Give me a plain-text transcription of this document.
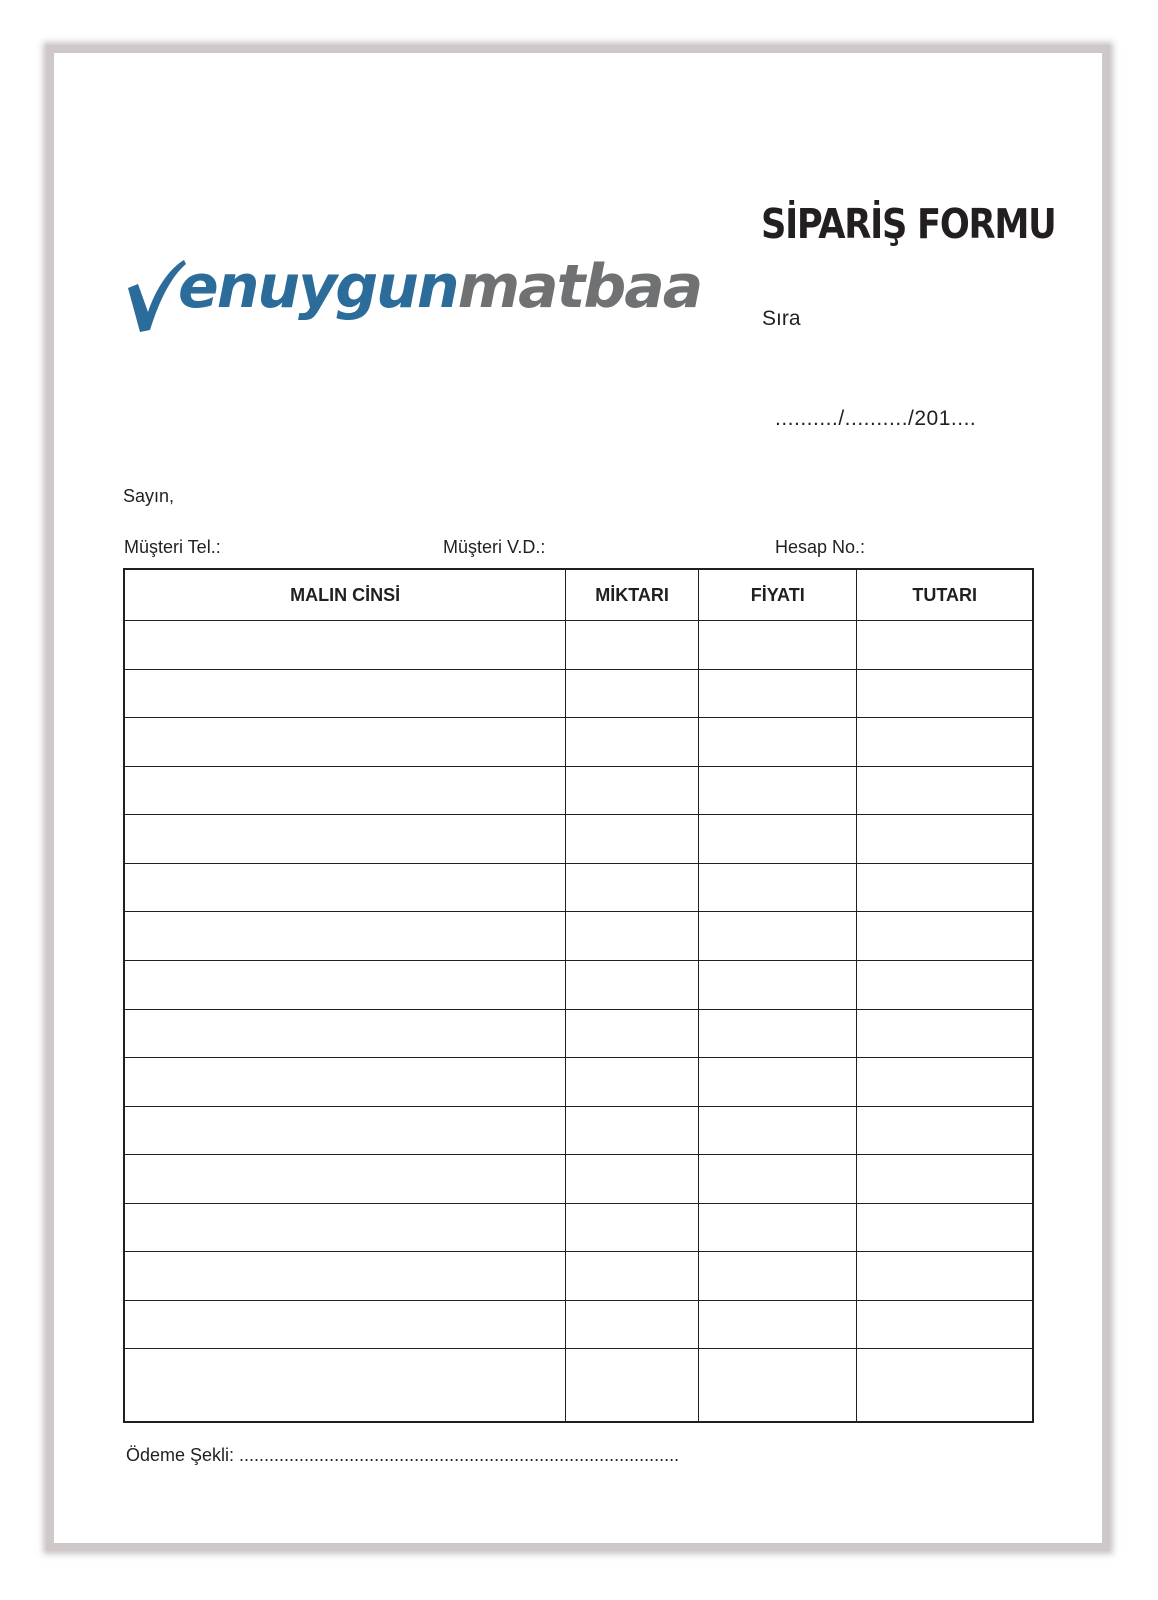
enuygunmatbaa
SİPARİŞ FORMU
Sıra
........../........../201....
Sayın,
Müşteri Tel.:	Müşteri V.D.:	Hesap No.:
MALIN CİNSİ	MİKTARI	FİYATI	TUTARI

Ödeme Şekli: ........................................................................................
